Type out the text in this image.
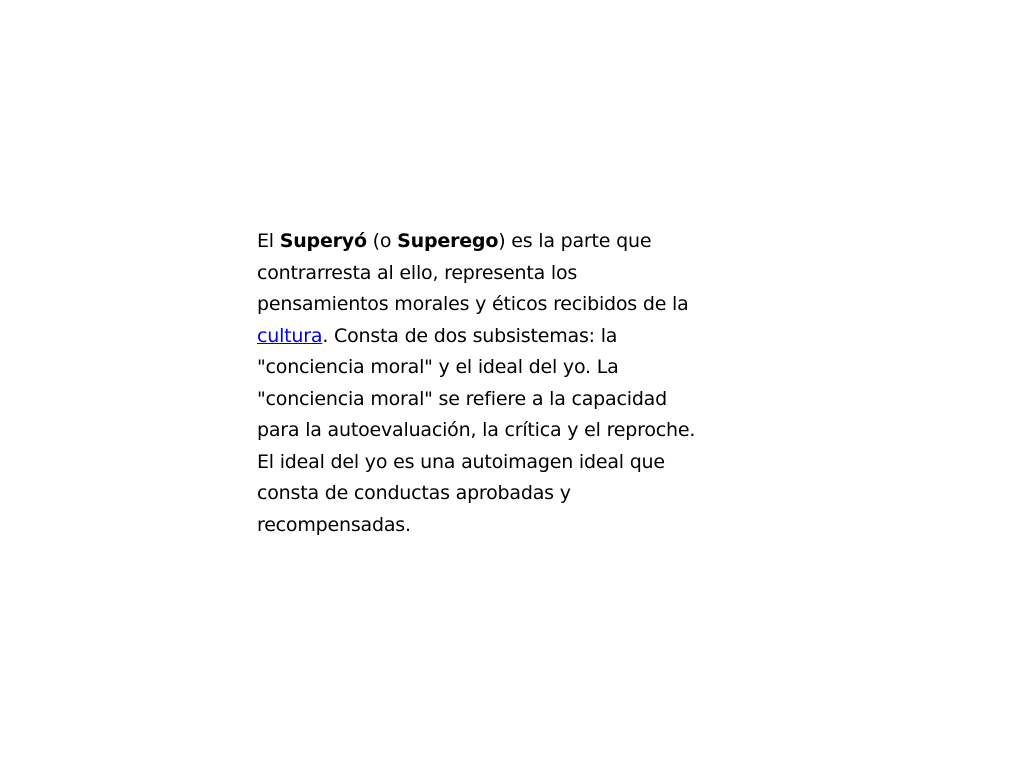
El Superyó (o Superego) es la parte que
contrarresta al ello, representa los
pensamientos morales y éticos recibidos de la
cultura. Consta de dos subsistemas: la
"conciencia moral" y el ideal del yo. La
"conciencia moral" se refiere a la capacidad
para la autoevaluación, la crítica y el reproche.
El ideal del yo es una autoimagen ideal que
consta de conductas aprobadas y
recompensadas.
